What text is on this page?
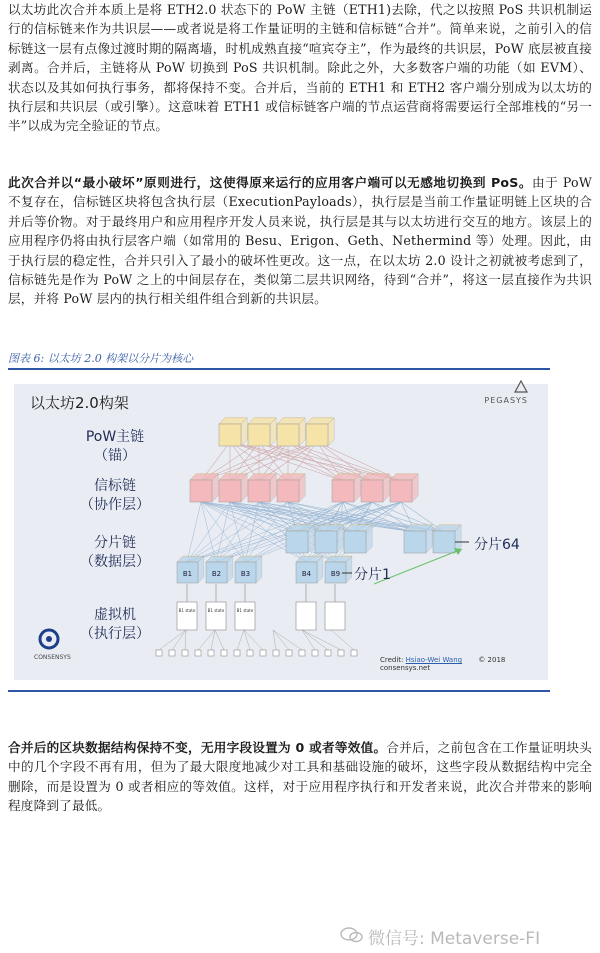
以太坊此次合并本质上是将 ETH2.0 状态下的 PoW 主链（ETH1)去除，代之以按照 PoS 共识机制运行的信标链来作为共识层——或者说是将工作量证明的主链和信标链“合并”。简单来说，之前引入的信标链这一层有点像过渡时期的隔离墙，时机成熟直接“喧宾夺主”，作为最终的共识层，PoW 底层被直接剥离。合并后，主链将从 PoW 切换到 PoS 共识机制。除此之外，大多数客户端的功能（如 EVM）、状态以及其如何执行事务，都将保持不变。合并后，当前的 ETH1 和 ETH2 客户端分别成为以太坊的执行层和共识层（或引擎）。这意味着 ETH1 或信标链客户端的节点运营商将需要运行全部堆栈的“另一半”以成为完全验证的节点。
此次合并以“最小破坏”原则进行，这使得原来运行的应用客户端可以无感地切换到 PoS。由于 PoW 不复存在，信标链区块将包含执行层（ExecutionPayloads），执行层是当前工作量证明链上区块的合并后等价物。对于最终用户和应用程序开发人员来说，执行层是其与以太坊进行交互的地方。该层上的应用程序仍将由执行层客户端（如常用的 Besu、Erigon、Geth、Nethermind 等）处理。因此，由于执行层的稳定性，合并只引入了最小的破坏性更改。这一点，在以太坊 2.0 设计之初就被考虑到了，信标链先是作为 PoW 之上的中间层存在，类似第二层共识网络，待到“合并”，将这一层直接作为共识层，并将 PoW 层内的执行相关组件组合到新的共识层。
图表 6: 以太坊 2.0 构架以分片为核心
以太坊2.0构架	PEGASYS
PoW主链
（锚）
信标链
（协作层）
分片链
（数据层）
虚拟机
（执行层）
B1	B2	B3	B4	B9
B1 state	B1 state	B1 state
分片1
分片64
CONSENSYS	Credit: Hsiao-Wei Wang © 2018 consensys.net
合并后的区块数据结构保持不变，无用字段设置为 0 或者等效值。合并后，之前包含在工作量证明块头中的几个字段不再有用，但为了最大限度地减少对工具和基础设施的破坏，这些字段从数据结构中完全删除，而是设置为 0 或者相应的等效值。这样，对于应用程序执行和开发者来说，此次合并带来的影响程度降到了最低。
微信号: Metaverse-FI
